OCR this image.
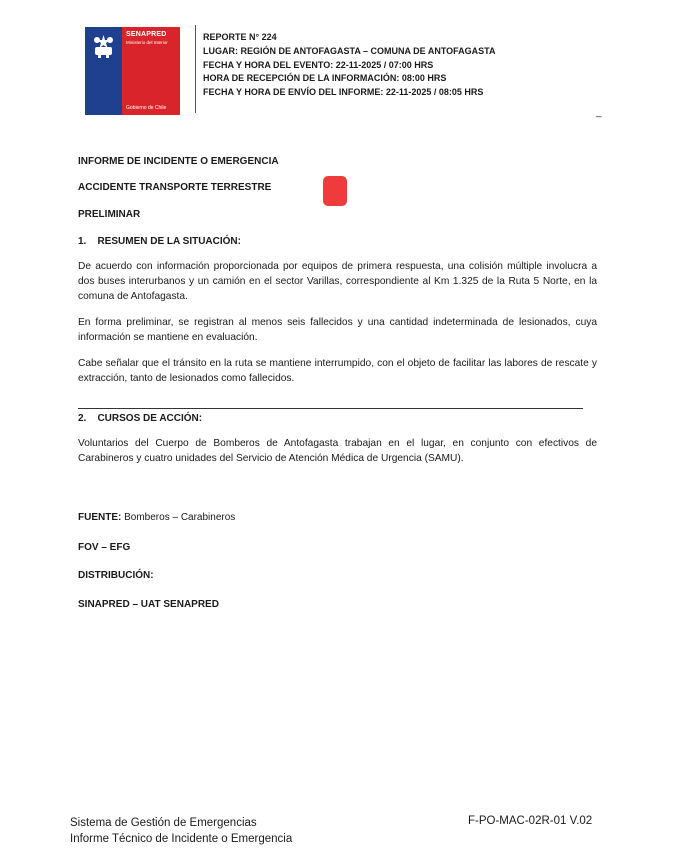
SENAPRED
Ministerio del Interior
Gobierno de Chile
REPORTE N° 224
LUGAR: REGIÓN DE ANTOFAGASTA – COMUNA DE ANTOFAGASTA
FECHA Y HORA DEL EVENTO: 22-11-2025 / 07:00 HRS
HORA DE RECEPCIÓN DE LA INFORMACIÓN: 08:00 HRS
FECHA Y HORA DE ENVÍO DEL INFORME: 22-11-2025 / 08:05 HRS
_
INFORME DE INCIDENTE O EMERGENCIA
ACCIDENTE TRANSPORTE TERRESTRE
PRELIMINAR
1.    RESUMEN DE LA SITUACIÓN:
De acuerdo con información proporcionada por equipos de primera respuesta, una colisión múltiple involucra a dos buses interurbanos y un camión en el sector Varillas, correspondiente al Km 1.325 de la Ruta 5 Norte, en la comuna de Antofagasta.
En forma preliminar, se registran al menos seis fallecidos y una cantidad indeterminada de lesionados, cuya información se mantiene en evaluación.
Cabe señalar que el tránsito en la ruta se mantiene interrumpido, con el objeto de facilitar las labores de rescate y extracción, tanto de lesionados como fallecidos.
2.    CURSOS DE ACCIÓN:
Voluntarios del Cuerpo de Bomberos de Antofagasta trabajan en el lugar, en conjunto con efectivos de Carabineros y cuatro unidades del Servicio de Atención Médica de Urgencia (SAMU).
FUENTE: Bomberos – Carabineros
FOV – EFG
DISTRIBUCIÓN:
SINAPRED – UAT SENAPRED
Sistema de Gestión de Emergencias
Informe Técnico de Incidente o Emergencia
F-PO-MAC-02R-01 V.02
